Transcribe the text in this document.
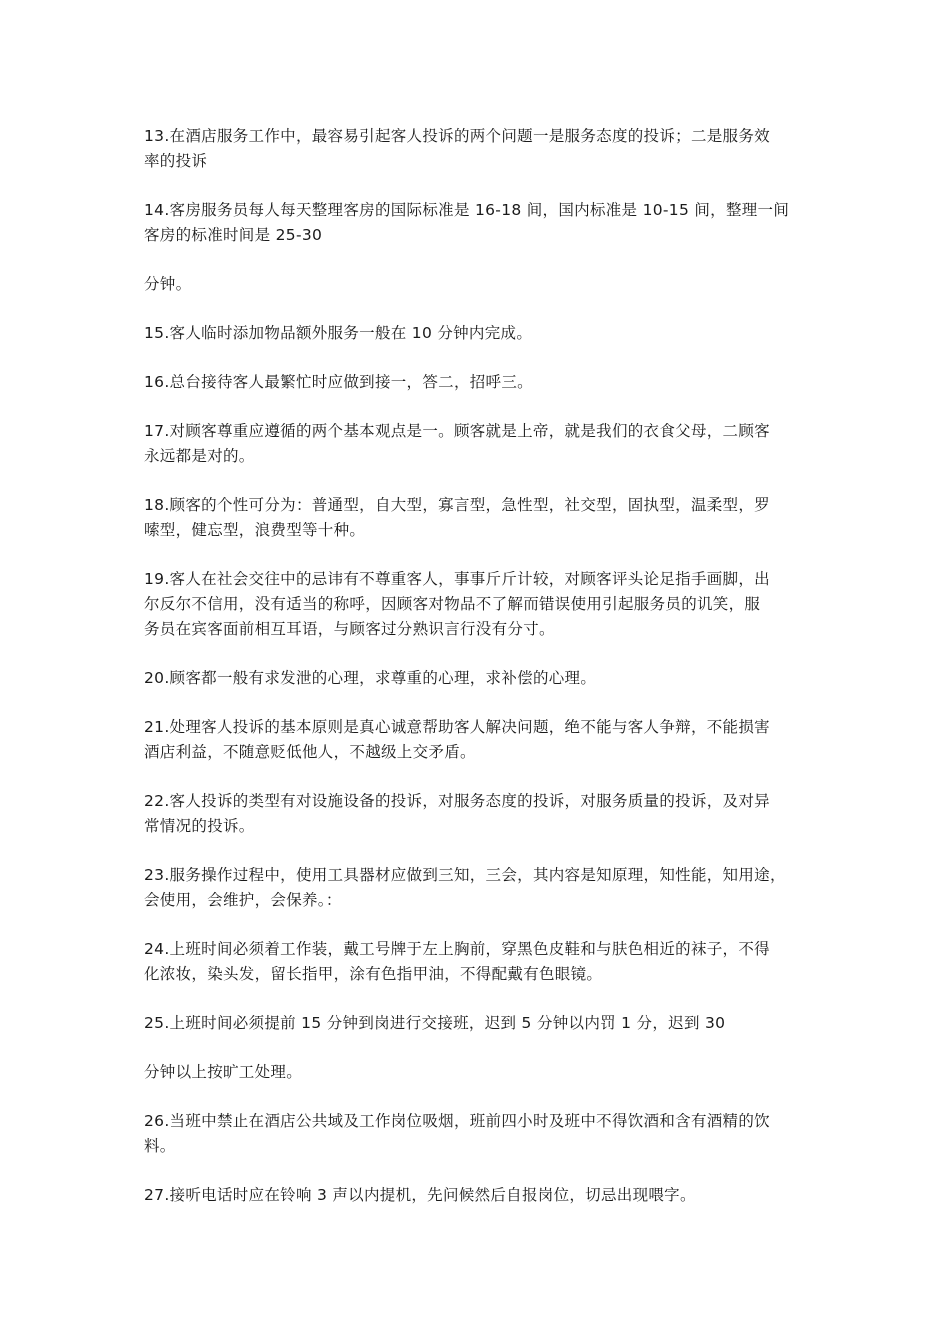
13.在酒店服务工作中，最容易引起客人投诉的两个问题一是服务态度的投诉；二是服务效
率的投诉

14.客房服务员每人每天整理客房的国际标准是 16-18 间，国内标准是 10-15 间，整理一间
客房的标准时间是 25-30

分钟。

15.客人临时添加物品额外服务一般在 10 分钟内完成。

16.总台接待客人最繁忙时应做到接一，答二，招呼三。

17.对顾客尊重应遵循的两个基本观点是一。顾客就是上帝，就是我们的衣食父母，二顾客
永远都是对的。

18.顾客的个性可分为：普通型，自大型，寡言型，急性型，社交型，固执型，温柔型，罗
嗦型，健忘型，浪费型等十种。

19.客人在社会交往中的忌讳有不尊重客人，事事斤斤计较，对顾客评头论足指手画脚，出
尔反尔不信用，没有适当的称呼，因顾客对物品不了解而错误使用引起服务员的讥笑，服
务员在宾客面前相互耳语，与顾客过分熟识言行没有分寸。

20.顾客都一般有求发泄的心理，求尊重的心理，求补偿的心理。

21.处理客人投诉的基本原则是真心诚意帮助客人解决问题，绝不能与客人争辩，不能损害
酒店利益，不随意贬低他人，不越级上交矛盾。

22.客人投诉的类型有对设施设备的投诉，对服务态度的投诉，对服务质量的投诉，及对异
常情况的投诉。

23.服务操作过程中，使用工具器材应做到三知，三会，其内容是知原理，知性能，知用途，
会使用，会维护，会保养。：

24.上班时间必须着工作装，戴工号牌于左上胸前，穿黑色皮鞋和与肤色相近的袜子，不得
化浓妆，染头发，留长指甲，涂有色指甲油，不得配戴有色眼镜。

25.上班时间必须提前 15 分钟到岗进行交接班，迟到 5 分钟以内罚 1 分，迟到 30

分钟以上按旷工处理。

26.当班中禁止在酒店公共域及工作岗位吸烟，班前四小时及班中不得饮酒和含有酒精的饮
料。

27.接听电话时应在铃响 3 声以内提机，先问候然后自报岗位，切忌出现喂字。
